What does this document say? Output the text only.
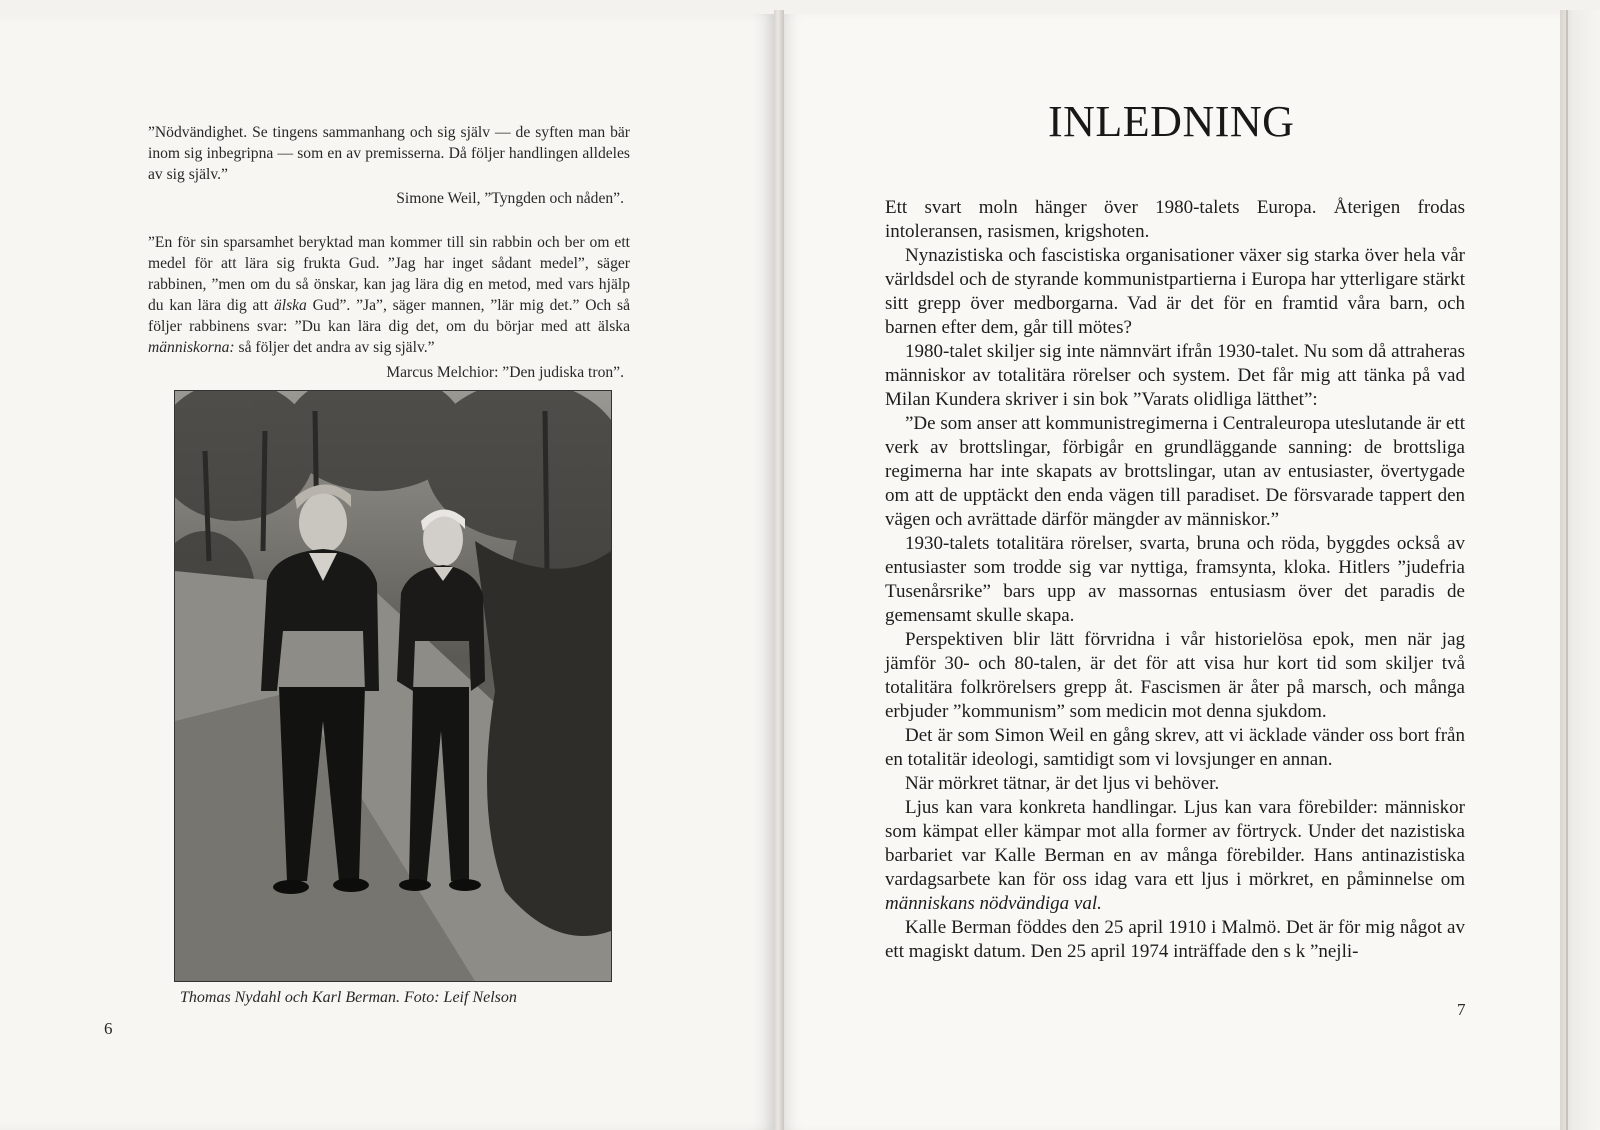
”Nödvändighet. Se tingens sammanhang och sig själv — de syften man bär inom sig inbegripna — som en av premisserna. Då följer handlingen alldeles av sig själv.”
Simone Weil, ”Tyngden och nåden”.
”En för sin sparsamhet beryktad man kommer till sin rabbin och ber om ett medel för att lära sig frukta Gud. ”Jag har inget sådant medel”, säger rabbinen, ”men om du så önskar, kan jag lära dig en metod, med vars hjälp du kan lära dig att älska Gud”. ”Ja”, säger mannen, ”lär mig det.” Och så följer rabbinens svar: ”Du kan lära dig det, om du börjar med att älska människorna: så följer det andra av sig själv.”
Marcus Melchior: ”Den judiska tron”.
Thomas Nydahl och Karl Berman. Foto: Leif Nelson
6
INLEDNING

Ett svart moln hänger över 1980-talets Europa. Återigen frodas intoleransen, rasismen, krigshoten.

Nynazistiska och fascistiska organisationer växer sig starka över hela vår världsdel och de styrande kommunistpartierna i Europa har ytterligare stärkt sitt grepp över medborgarna. Vad är det för en framtid våra barn, och barnen efter dem, går till mötes?

1980-talet skiljer sig inte nämnvärt ifrån 1930-talet. Nu som då attraheras människor av totalitära rörelser och system. Det får mig att tänka på vad Milan Kundera skriver i sin bok ”Varats olidliga lätthet”:

”De som anser att kommunistregimerna i Centraleuropa uteslutande är ett verk av brottslingar, förbigår en grundläggande sanning: de brottsliga regimerna har inte skapats av brottslingar, utan av entusiaster, övertygade om att de upptäckt den enda vägen till paradiset. De försvarade tappert den vägen och avrättade därför mängder av människor.”

1930-talets totalitära rörelser, svarta, bruna och röda, byggdes också av entusiaster som trodde sig var nyttiga, framsynta, kloka. Hitlers ”judefria Tusenårsrike” bars upp av massornas entusiasm över det paradis de gemensamt skulle skapa.

Perspektiven blir lätt förvridna i vår historielösa epok, men när jag jämför 30- och 80-talen, är det för att visa hur kort tid som skiljer två totalitära folkrörelsers grepp åt. Fascismen är åter på marsch, och många erbjuder ”kommunism” som medicin mot denna sjukdom.

Det är som Simon Weil en gång skrev, att vi äcklade vänder oss bort från en totalitär ideologi, samtidigt som vi lovsjunger en annan.

När mörkret tätnar, är det ljus vi behöver.

Ljus kan vara konkreta handlingar. Ljus kan vara förebilder: människor som kämpat eller kämpar mot alla former av förtryck. Under det nazistiska barbariet var Kalle Berman en av många förebilder. Hans antinazistiska vardagsarbete kan för oss idag vara ett ljus i mörkret, en påminnelse om människans nödvändiga val.

Kalle Berman föddes den 25 april 1910 i Malmö. Det är för mig något av ett magiskt datum. Den 25 april 1974 inträffade den s k ”nejli-

7
